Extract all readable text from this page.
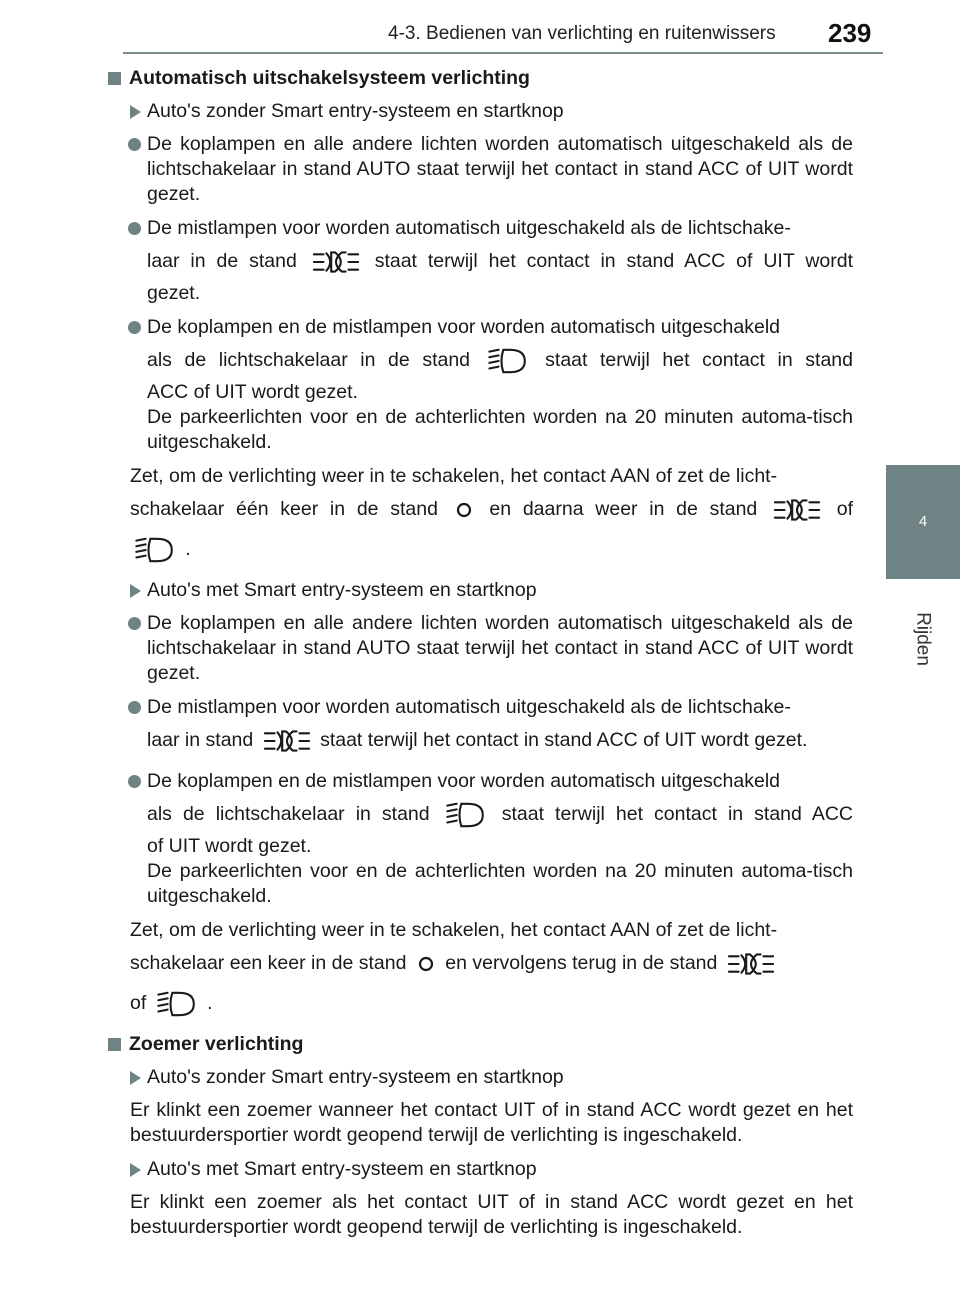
4-3. Bedienen van verlichting en ruitenwissers 239
4
Rijden
Automatisch uitschakelsysteem verlichting
Auto's zonder Smart entry-systeem en startknop
De koplampen en alle andere lichten worden automatisch uitgeschakeld als de lichtschakelaar in stand AUTO staat terwijl het contact in stand ACC of UIT wordt gezet.
De mistlampen voor worden automatisch uitgeschakeld als de lichtschake-
laar in de stand	staat terwijl het contact in stand ACC of UIT wordt
gezet.
De koplampen en de mistlampen voor worden automatisch uitgeschakeld
als de lichtschakelaar in de stand	staat terwijl het contact in stand
ACC of UIT wordt gezet.
De parkeerlichten voor en de achterlichten worden na 20 minuten automa-tisch uitgeschakeld.
Zet, om de verlichting weer in te schakelen, het contact AAN of zet de licht-
schakelaar één keer in de stand	en daarna weer in de stand	of
.
Auto's met Smart entry-systeem en startknop
De koplampen en alle andere lichten worden automatisch uitgeschakeld als de lichtschakelaar in stand AUTO staat terwijl het contact in stand ACC of UIT wordt gezet.
De mistlampen voor worden automatisch uitgeschakeld als de lichtschake-
laar in stand	staat terwijl het contact in stand ACC of UIT wordt gezet.
De koplampen en de mistlampen voor worden automatisch uitgeschakeld
als de lichtschakelaar in stand	staat terwijl het contact in stand ACC
of UIT wordt gezet.
De parkeerlichten voor en de achterlichten worden na 20 minuten automa-tisch uitgeschakeld.
Zet, om de verlichting weer in te schakelen, het contact AAN of zet de licht-
schakelaar een keer in de stand en vervolgens terug in de stand
of	.
Zoemer verlichting
Auto's zonder Smart entry-systeem en startknop
Er klinkt een zoemer wanneer het contact UIT of in stand ACC wordt gezet en het bestuurdersportier wordt geopend terwijl de verlichting is ingeschakeld.
Auto's met Smart entry-systeem en startknop
Er klinkt een zoemer als het contact UIT of in stand ACC wordt gezet en het bestuurdersportier wordt geopend terwijl de verlichting is ingeschakeld.
